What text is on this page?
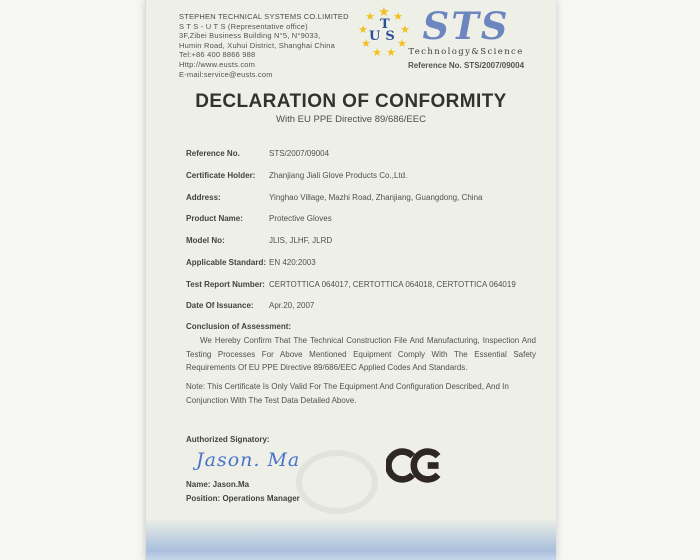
STEPHEN TECHNICAL SYSTEMS CO.LIMITED
S T S - U T S (Representative office)
3F,Zibei Business Building N°5, N°9033,
Humin Road, Xuhui District, Shanghai China
Tel:+86 400 8866 988
Http://www.eusts.com
E-mail:service@eusts.com
★
★
★
★
★ ★
★
★
★
T
US STS
Technology&Science
Reference No. STS/2007/09004
DECLARATION OF CONFORMITY
With EU PPE Directive 89/686/EEC
Reference No.	STS/2007/09004
Certificate Holder:	Zhanjiang Jiali Glove Products Co.,Ltd.
Address:	Yinghao Village, Mazhi Road, Zhanjiang, Guangdong, China
Product Name:	Protective Gloves
Model No:	JLIS, JLHF, JLRD
Applicable Standard: EN 420:2003
Test Report Number: CERTOTTICA 064017, CERTOTTICA 064018, CERTOTTICA 064019
Date Of Issuance:	Apr.20, 2007
Conclusion of Assessment:
We Hereby Confirm That The Technical Construction File And Manufacturing, Inspection And Testing Processes For Above Mentioned Equipment Comply With The Essential Safety Requirements Of EU PPE Directive 89/686/EEC Applied Codes And Standards.
Note: This Certificate Is Only Valid For The Equipment And Configuration Described, And In Conjunction With The Test Data Detailed Above.
Authorized Signatory:
Jason. Ma
Name: Jason.Ma
Position: Operations Manager
